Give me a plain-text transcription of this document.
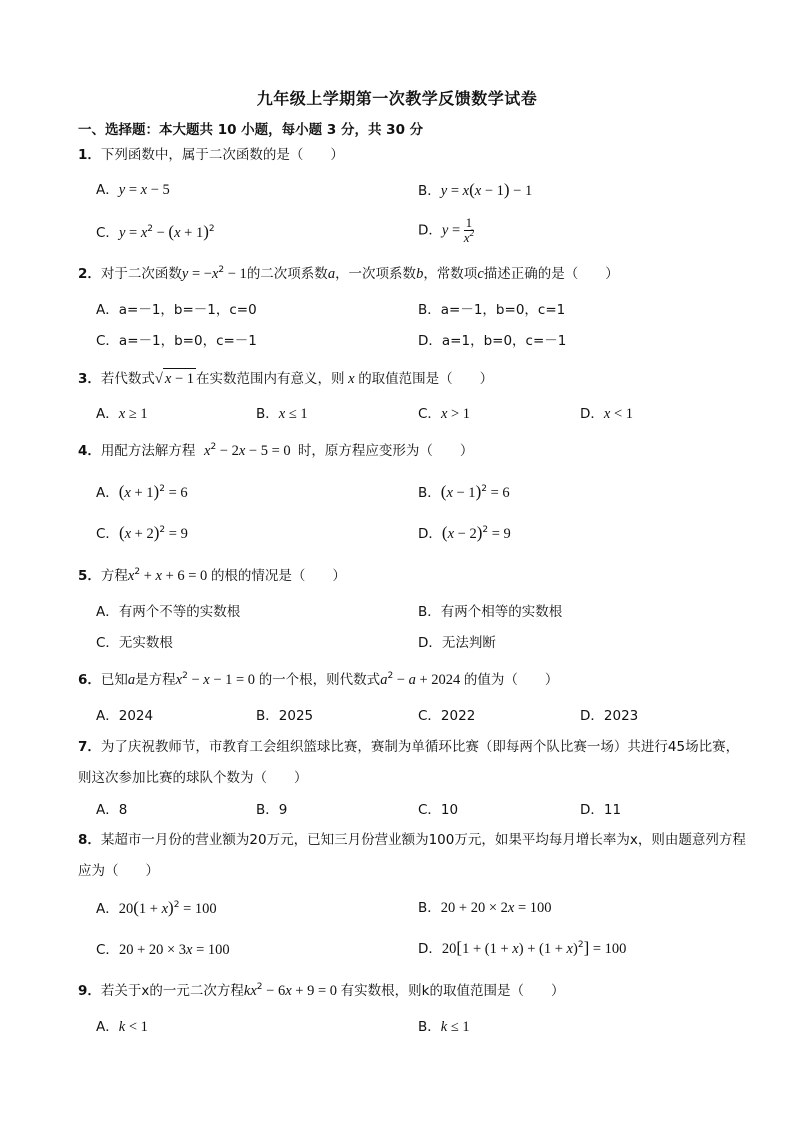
九年级上学期第一次教学反馈数学试卷
一、选择题：本大题共 10 小题，每小题 3 分，共 30 分
1．下列函数中，属于二次函数的是（　　）
A．y = x − 5	B．y = x(x − 1) − 1
C．$y = x^2 - (x + 1)^2$	D．$y = \frac{1}{x^2}$
2．对于二次函数$y = -x^2 - 1$的二次项系数a，一次项系数b，常数项c描述正确的是（　　）
A．a=－1，b=－1，c=0	B．a=－1，b=0，c=1
C．a=－1，b=0，c=－1	D．a=1，b=0，c=－1
3．若代数式√ x − 1 在实数范围内有意义，则 x 的取值范围是（　　）
A．x ≥ 1	B．x ≤ 1	C．x > 1	D．x < 1
4．用配方法解方程 $x^2 - 2x - 5 = 0$  时，原方程应变形为（　　）
A．$(x + 1)^2 = 6$	B．$(x - 1)^2 = 6$
C．$(x + 2)^2 = 9$	D．$(x - 2)^2 = 9$
5．方程$x^2 + x + 6 = 0$ 的根的情况是（　　）
A．有两个不等的实数根	B．有两个相等的实数根
C．无实数根	D．无法判断
6．已知a是方程$x^2 - x - 1 = 0$ 的一个根，则代数式$a^2 - a + 2024$ 的值为（　　）
A．2024	B．2025	C．2022	D．2023
7．为了庆祝教师节，市教育工会组织篮球比赛，赛制为单循环比赛（即每两个队比赛一场）共进行45场比赛，则这次参加比赛的球队个数为（　　）
A．8	B．9	C．10	D．11
8．某超市一月份的营业额为20万元，已知三月份营业额为100万元，如果平均每月增长率为x，则由题意列方程应为（　　）
A．$20(1 + x)^2 = 100$	B．20 + 20 × 2x = 100
C．20 + 20 × 3x = 100	D．$20[1 + (1 + x) + (1 + x)^2] = 100$
9．若关于x的一元二次方程$kx^2 - 6x + 9 = 0$ 有实数根，则k的取值范围是（　　）
A．k < 1	B．k ≤ 1
